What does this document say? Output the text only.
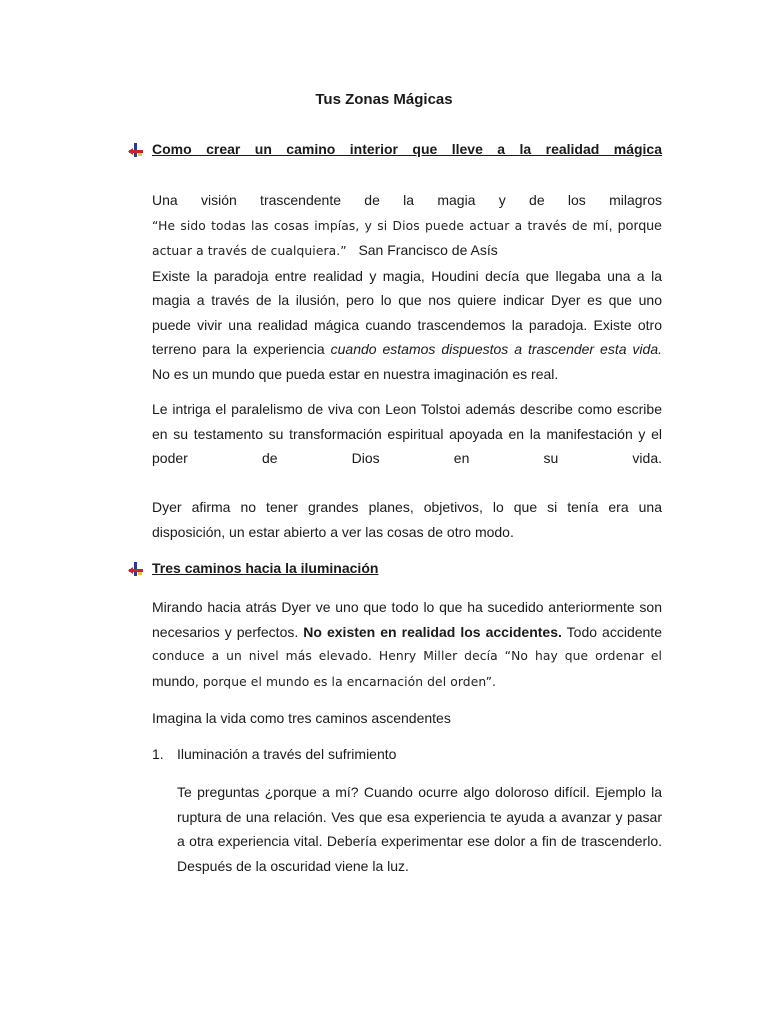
Tus Zonas Mágicas
Como crear un camino interior que lleve a la realidad mágica
Una visión trascendente de la magia y de los milagros
“He sido todas las cosas impías, y si Dios puede actuar a través de mí, porque
actuar a través de cualquiera.” San Francisco de Asís
Existe la paradoja entre realidad y magia, Houdini decía que llegaba una a la magia a través de la ilusión, pero lo que nos quiere indicar Dyer es que uno puede vivir una realidad mágica cuando trascendemos la paradoja. Existe otro terreno para la experiencia cuando estamos dispuestos a trascender esta vida. No es un mundo que pueda estar en nuestra imaginación es real.
Le intriga el paralelismo de viva con Leon Tolstoi además describe como escribe en su testamento su transformación espiritual apoyada en la manifestación y el poder de Dios en su vida.
Dyer afirma no tener grandes planes, objetivos, lo que si tenía era una disposición, un estar abierto a ver las cosas de otro modo.
Tres caminos hacia la iluminación
Mirando hacia atrás Dyer ve uno que todo lo que ha sucedido anteriormente son necesarios y perfectos. No existen en realidad los accidentes. Todo accidente
conduce a un nivel más elevado. Henry Miller decía “No hay que ordenar el
mundo, porque el mundo es la encarnación del orden”.
Imagina la vida como tres caminos ascendentes
1. Iluminación a través del sufrimiento
Te preguntas ¿porque a mí? Cuando ocurre algo doloroso difícil. Ejemplo la ruptura de una relación. Ves que esa experiencia te ayuda a avanzar y pasar a otra experiencia vital. Debería experimentar ese dolor a fin de trascenderlo. Después de la oscuridad viene la luz.
